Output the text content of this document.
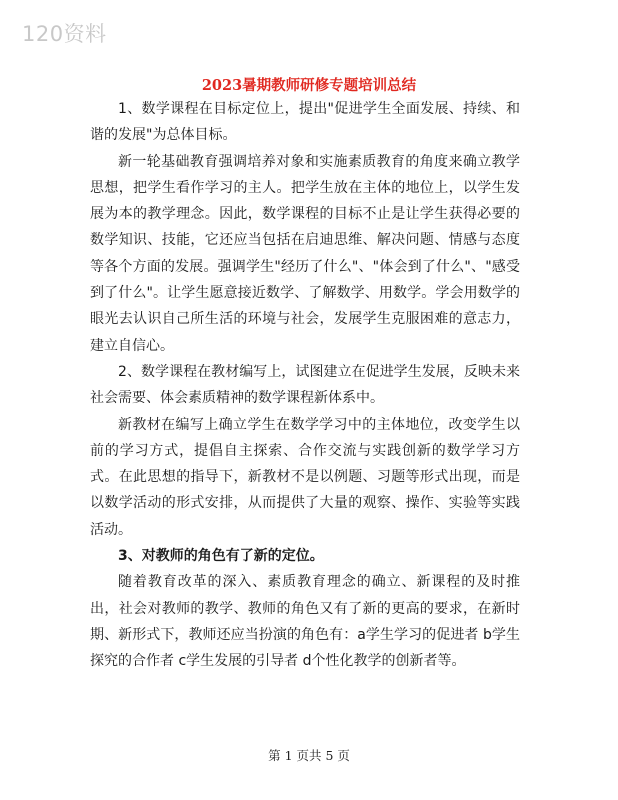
120资料
2023暑期教师研修专题培训总结

1、数学课程在目标定位上，提出"促进学生全面发展、持续、和谐的发展"为总体目标。

新一轮基础教育强调培养对象和实施素质教育的角度来确立教学思想，把学生看作学习的主人。把学生放在主体的地位上，以学生发展为本的教学理念。因此，数学课程的目标不止是让学生获得必要的数学知识、技能，它还应当包括在启迪思维、解决问题、情感与态度等各个方面的发展。强调学生"经历了什么"、"体会到了什么"、"感受到了什么"。让学生愿意接近数学、了解数学、用数学。学会用数学的眼光去认识自己所生活的环境与社会，发展学生克服困难的意志力，建立自信心。

2、数学课程在教材编写上，试图建立在促进学生发展，反映未来社会需要、体会素质精神的数学课程新体系中。

新教材在编写上确立学生在数学学习中的主体地位，改变学生以前的学习方式，提倡自主探索、合作交流与实践创新的数学学习方式。在此思想的指导下，新教材不是以例题、习题等形式出现，而是以数学活动的形式安排，从而提供了大量的观察、操作、实验等实践活动。

3、对教师的角色有了新的定位。

随着教育改革的深入、素质教育理念的确立、新课程的及时推出，社会对教师的教学、教师的角色又有了新的更高的要求，在新时期、新形式下，教师还应当扮演的角色有：a学生学习的促进者 b学生探究的合作者 c学生发展的引导者 d个性化教学的创新者等。

第 1 页共 5 页
